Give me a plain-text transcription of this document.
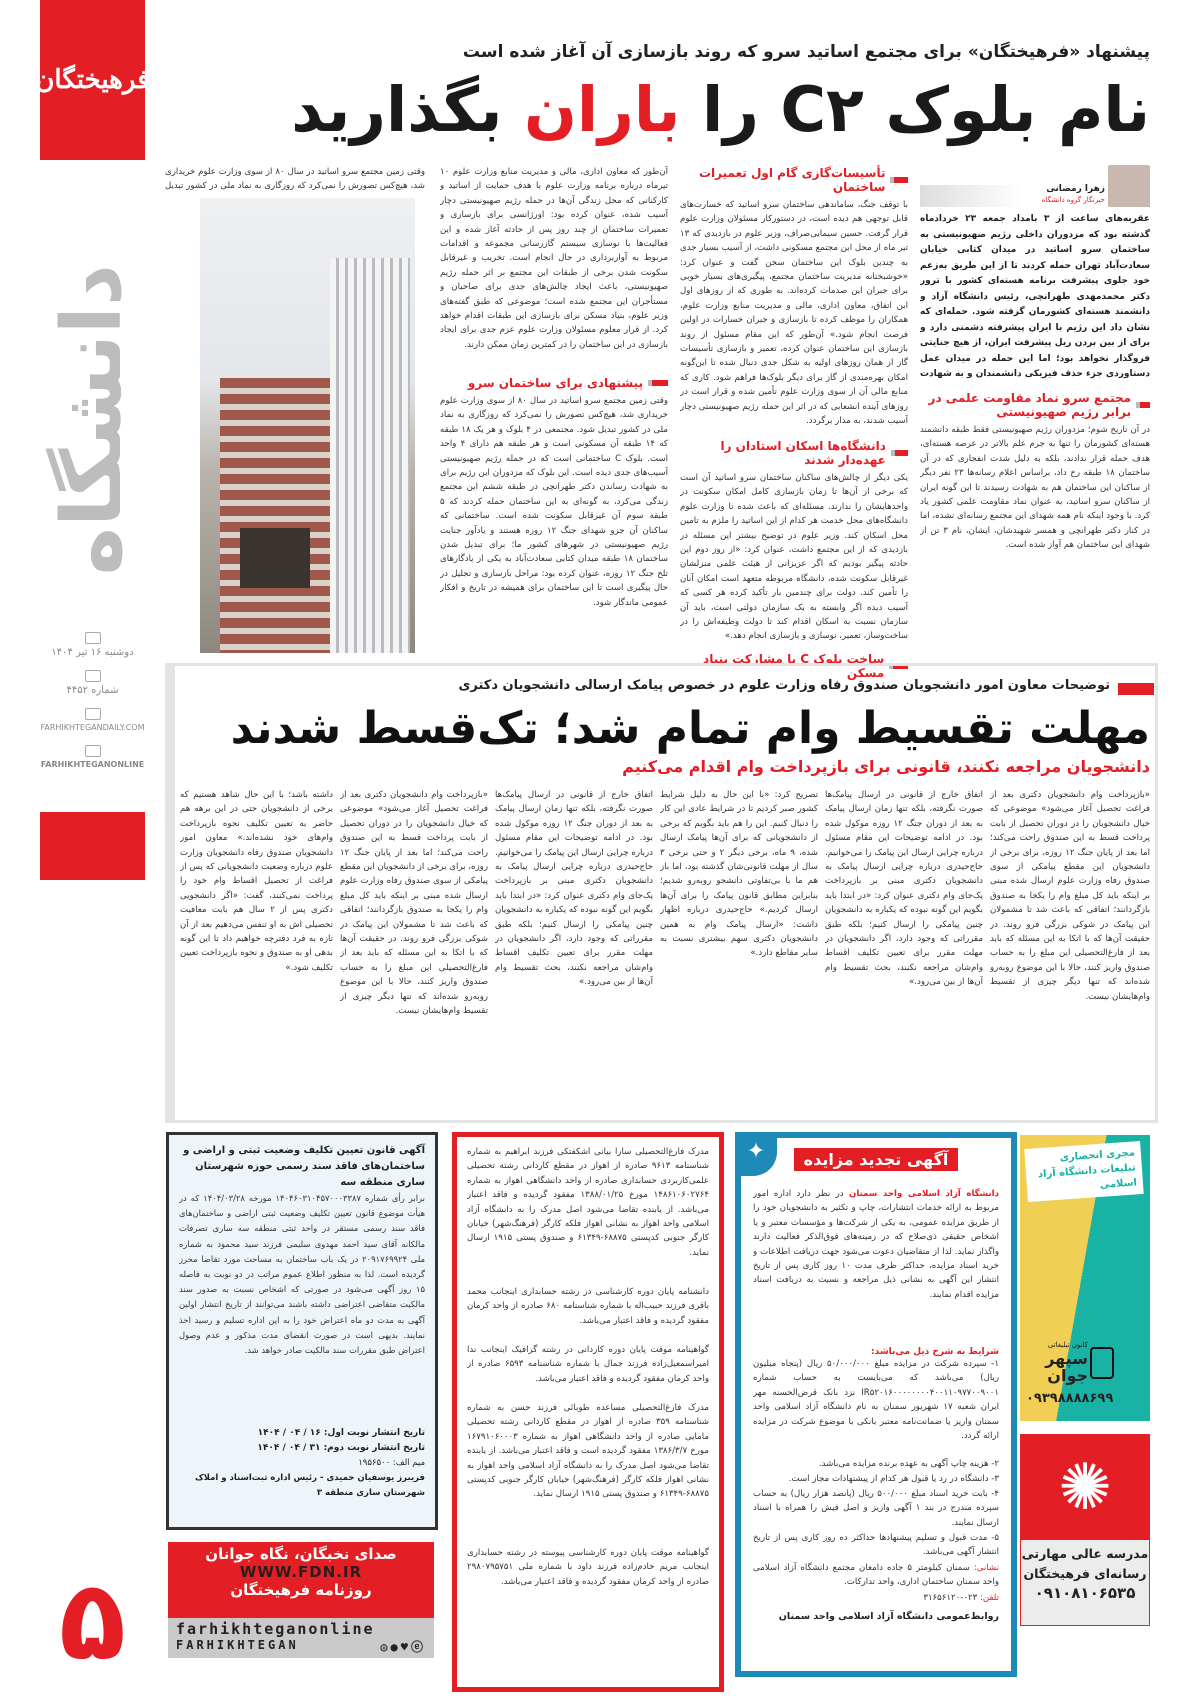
فرهیختگان
دانشگاه
دوشنبه ۱۶ تیر ۱۴۰۴
شماره ۴۴۵۲
FARHIKHTEGANDAILY.COM
FARHIKHTEGANONLINE
۵
پیشنهاد «فرهیختگان» برای مجتمع اساتید سرو که روند بازسازی آن آغاز شده است
نام بلوک C۲ را باران بگذارید
زهرا رمضانی
خبرنگار گروه دانشگاه
عقربه‌های ساعت از ۳ بامداد جمعه ۲۳ خردادماه گذشته بود که مزدوران داخلی رژیم صهیونیستی به ساختمان سرو اساتید در میدان کتابی خیابان سعادت‌آباد تهران حمله کردند تا از این طریق به‌زعم خود جلوی پیشرفت برنامه هسته‌ای کشور با ترور دکتر محمدمهدی طهرانچی، رئیس دانشگاه آزاد و دانشمند هسته‌ای کشورمان گرفته شود. حمله‌ای که نشان داد این رژیم با ایران پیشرفته دشمنی دارد و برای از بین بردن ریل پیشرفت ایران، از هیچ جنایتی فروگذار نخواهد بود؛ اما این حمله در میدان عمل دستاوردی جزء حذف فیزیکی دانشمندان و به شهادت
مجتمع سرو نماد مقاومت علمی در برابر رژیم صهیونیستی
در آن تاریخ شوم؛ مزدوران رژیم صهیونیستی فقط طبقه دانشمند هسته‌ای کشورمان را تنها به جرم علم بالاتر در عرصه هسته‌ای، هدف حمله قرار ندادند، بلکه به دلیل شدت انفجاری که در آن ساختمان ۱۸ طبقه رخ داد، براساس اعلام رسانه‌ها ۲۳ نفر دیگر از ساکنان این ساختمان هم به شهادت رسیدند تا این گونه ایران از ساکنان سرو اساتید، به عنوان نماد مقاومت علمی کشور یاد کرد. با وجود اینکه نام همه شهدای این مجتمع رسانه‌ای نشده، اما در کنار دکتر طهرانچی و همسر شهیدشان، ایشان، نام ۳ تن از شهدای این ساختمان هم آواز شده است.
تأسیسات‌گازی گام اول تعمیرات ساختمان
با توقف جنگ، ساماندهی ساختمان سرو اساتید که خسارت‌های قابل توجهی هم دیده است، در دستورکار مسئولان وزارت علوم قرار گرفت. حسین سیمایی‌صراف، وزیر علوم در بازدیدی که ۱۳ تیر ماه از محل این مجتمع مسکونی داشت، از آسیب بسیار جدی به چندین بلوک این ساختمان سخن گفت و عنوان کرد: «خوشبختانه مدیریت ساختمان مجتمع، پیگیری‌های بسیار خوبی برای جبران این صدمات کرده‌اند. به طوری که از روزهای اول این اتفاق، معاون اداری، مالی و مدیریت منابع وزارت علوم، همکاران را موظف کرده تا بازسازی و جبران خسارات در اولین فرصت انجام شود.» آن‌طور که این مقام مسئول از روند بازسازی این ساختمان عنوان کرده، تعمیر و بازسازی تأسیسات گاز از همان روزهای اولیه به شکل جدی دنبال شده تا این‌گونه امکان بهره‌مندی از گاز برای دیگر بلوک‌ها فراهم شود. کاری که منابع مالی آن از سوی وزارت علوم تأمین شده و قرار است در روزهای آینده انشعابی که در اثر این حمله رژیم صهیونیستی دچار آسیب شدند، به مدار برگردد.
دانشگاه‌ها اسکان استادان را عهده‌دار شدند
یکی دیگر از چالش‌های ساکنان ساختمان سرو اساتید آن است که برخی از آن‌ها تا زمان بازسازی کامل امکان سکونت در واحدهایشان را ندارند. مسئله‌ای که باعث شده تا وزارت علوم دانشگاه‌های محل خدمت هر کدام از این اساتید را ملزم به تامین محل اسکان کند. وزیر علوم در توضیح بیشتر این مسئله در بازدیدی که از این مجتمع داشت، عنوان کرد: «از روز دوم این حادثه پیگیر بودیم که اگر عزیزانی از هیئت علمی منزلشان غیرقابل سکونت شده، دانشگاه مربوطه متعهد است امکان آنان را تأمین کند. دولت برای چندمین بار تأکید کرده هر کسی که آسیب دیده اگر وابسته به یک سازمان دولتی است، باید آن سازمان نسبت به اسکان اقدام کند تا دولت وظیفه‌اش را در ساخت‌وساز، تعمیر، نوسازی و بازسازی انجام دهد.»
ساخت بلوک C با مشارکت بنیاد مسکن
آن‌طور که معاون اداری، مالی و مدیریت منابع وزارت علوم ۱۰ تیرماه درباره برنامه وزارت علوم با هدف حمایت از اساتید و کارکنانی که محل زندگی آن‌ها در حمله رژیم صهیونیستی دچار آسیب شده، عنوان کرده بود: اورژانسی برای بازسازی و تعمیرات ساختمان از چند روز پس از حادثه آغاز شده و این فعالیت‌ها با نوسازی سیستم گازرسانی مجموعه و اقدامات مربوط به آواربرداری در حال انجام است. تخریب و غیرقابل سکونت شدن برخی از طبقات این مجتمع بر اثر حمله رژیم صهیونیستی، باعث ایجاد چالش‌های جدی برای صاحبان و مستأجران این مجتمع شده است؛ موضوعی که طبق گفته‌های وزیر علوم، بنیاد مسکن برای بازسازی این طبقات اقدام خواهد کرد. از قرار معلوم مسئولان وزارت علوم عزم جدی برای ایجاد بازسازی در این ساختمان را در کمترین زمان ممکن دارند.
پیشنهادی برای ساختمان سرو
وقتی زمین مجتمع سرو اساتید در سال ۸۰ از سوی وزارت علوم خریداری شد، هیچ‌کس تصورش را نمی‌کرد که روزگاری به نماد ملی در کشور تبدیل شود. مجتمعی در ۴ بلوک و هر یک ۱۸ طبقه که ۱۴ طبقه آن مسکونی است و هر طبقه هم دارای ۴ واحد است. بلوک C ساختمانی است که در حمله رژیم صهیونیستی آسیب‌های جدی دیده است. این بلوک که مزدوران این رژیم برای به شهادت رساندن دکتر طهرانچی در طبقه ششم این مجتمع زندگی می‌کرد، به گونه‌ای به این ساختمان حمله کردند که ۵ طبقه سوم آن غیرقابل سکونت شده است. ساختمانی که ساکنان آن جزو شهدای جنگ ۱۲ روزه هستند و یادآور جنایت رژیم صهیونیستی در شهرهای کشور ما؛ برای تبدیل شدن ساختمان ۱۸ طبقه میدان کتابی سعادت‌آباد به یکی از یادگارهای تلخ جنگ ۱۲ روزه، عنوان کرده بود: مراحل بازسازی و تجلیل در حال پیگیری است تا این ساختمان برای همیشه در تاریخ و افکار عمومی ماندگار شود.
وقتی زمین مجتمع سرو اساتید در سال ۸۰ از سوی وزارت علوم خریداری شد، هیچ‌کس تصورش را نمی‌کرد که روزگاری به نماد ملی در کشور تبدیل
توضیحات معاون امور دانشجویان صندوق رفاه وزارت علوم در خصوص پیامک ارسالی دانشجویان دکتری
مهلت تقسیط وام تمام شد؛ تک‌قسط شدند
دانشجویان مراجعه نکنند، قانونی برای بازپرداخت وام اقدام می‌کنیم
«بازپرداخت وام دانشجویان دکتری بعد از فراغت تحصیل آغاز می‌شود» موضوعی که خیال دانشجویان را در دوران تحصیل از بابت پرداخت قسط به این صندوق راحت می‌کند؛ اما بعد از پایان جنگ ۱۲ روزه، برای برخی از دانشجویان این مقطع پیامکی از سوی صندوق رفاه وزارت علوم ارسال شده مبنی بر اینکه باید کل مبلغ وام را یکجا به صندوق بازگردانند؛ اتفاقی که باعث شد تا مشمولان این پیامک در شوکی بزرگی فرو روند. در حقیقت آن‌ها که با اتکا به این مسئله که باید بعد از فارغ‌التحصیلی این مبلغ را به حساب صندوق واریز کنند، حالا با این موضوع روبه‌رو شده‌اند که تنها دیگر چیزی از تقسیط وام‌هایشان نیست.
اتفاق خارج از قانونی در ارسال پیامک‌ها صورت نگرفته، بلکه تنها زمان ارسال پیامک به بعد از دوران جنگ ۱۲ روزه موکول شده بود. در ادامه توضیحات این مقام مسئول درباره چرایی ارسال این پیامک را می‌خوانیم. حاج‌حیدری درباره چرایی ارسال پیامک به دانشجویان دکتری مبنی بر بازپرداخت یک‌جای وام دکتری عنوان کرد: «در ابتدا باید بگویم این گونه نبوده که یکباره به دانشجویان چنین پیامکی را ارسال کنیم؛ بلکه طبق مقرراتی که وجود دارد، اگر دانشجویان در مهلت مقرر برای تعیین تکلیف اقساط وام‌شان مراجعه نکنند، بحث تقسیط وام آن‌ها از بین می‌رود.»
تصریح کرد: «با این حال به دلیل شرایط کشور صبر کردیم تا در شرایط عادی این کار را دنبال کنیم. این را هم باید بگویم که برخی از دانشجویانی که برای آن‌ها پیامک ارسال شده، ۹ ماه، برخی دیگر ۲ و حتی برخی ۳ سال از مهلت قانونی‌شان گذشته بود، اما باز هم ما با بی‌تفاوتی دانشجو روبه‌رو شدیم؛ بنابراین مطابق قانون پیامک را برای آن‌ها ارسال کردیم.» حاج‌حیدری درباره اظهار داشت: «ارسال پیامک وام به همین دانشجویان دکتری سهم بیشتری نسبت به سایر مقاطع دارد.»
اتفاق خارج از قانونی در ارسال پیامک‌ها صورت نگرفته، بلکه تنها زمان ارسال پیامک به بعد از دوران جنگ ۱۲ روزه موکول شده بود. در ادامه توضیحات این مقام مسئول درباره چرایی ارسال این پیامک را می‌خوانیم. حاج‌حیدری درباره چرایی ارسال پیامک به دانشجویان دکتری مبنی بر بازپرداخت یک‌جای وام دکتری عنوان کرد: «در ابتدا باید بگویم این گونه نبوده که یکباره به دانشجویان چنین پیامکی را ارسال کنیم؛ بلکه طبق مقرراتی که وجود دارد، اگر دانشجویان در مهلت مقرر برای تعیین تکلیف اقساط وام‌شان مراجعه نکنند، بحث تقسیط وام آن‌ها از بین می‌رود.»
«بازپرداخت وام دانشجویان دکتری بعد از فراغت تحصیل آغاز می‌شود» موضوعی که خیال دانشجویان را در دوران تحصیل از بابت پرداخت قسط به این صندوق راحت می‌کند؛ اما بعد از پایان جنگ ۱۲ روزه، برای برخی از دانشجویان این مقطع پیامکی از سوی صندوق رفاه وزارت علوم ارسال شده مبنی بر اینکه باید کل مبلغ وام را یکجا به صندوق بازگردانند؛ اتفاقی که باعث شد تا مشمولان این پیامک در شوکی بزرگی فرو روند. در حقیقت آن‌ها که با اتکا به این مسئله که باید بعد از فارغ‌التحصیلی این مبلغ را به حساب صندوق واریز کنند، حالا با این موضوع روبه‌رو شده‌اند که تنها دیگر چیزی از تقسیط وام‌هایشان نیست.
داشته باشد؛ با این حال شاهد هستیم که برخی از دانشجویان حتی در این برهه هم حاضر به تعیین تکلیف نحوه بازپرداخت وام‌های خود نشده‌اند.» معاون امور دانشجویان صندوق رفاه دانشجویان وزارت علوم درباره وضعیت دانشجویانی که پس از فراغت از تحصیل اقساط وام خود را پرداخت نمی‌کنند، گفت: «اگر دانشجویی دکتری پس از ۲ سال هم بابت معافیت تحصیلی اش به او تنفس می‌دهیم بعد از آن تازه به فرد دفترچه خواهیم داد تا این گونه بدهی او به صندوق و نحوه بازپرداخت تعیین تکلیف شود.»
آگهی قانون تعیین تکلیف وضعیت ثبتی و اراضی و ساختمان‌های فاقد سند رسمی حوزه شهرستان ساری منطقه سه
برابر رأی شماره ۱۴۰۴۶۰۳۱۰۴۵۷۰۰۰۳۳۸۷ مورخه ۱۴۰۴/۰۳/۲۸ که در هیأت موضوع قانون تعیین تکلیف وضعیت ثبتی اراضی و ساختمان‌های فاقد سند رسمی مستقر در واحد ثبتی منطقه سه ساری تصرفات مالکانه آقای سید احمد مهدوی سلیمی فرزند سید محمود به شماره ملی ۲۰۹۱۷۶۹۹۲۴ در یک باب ساختمان به مساحت مورد تقاضا محرز گردیده است. لذا به منظور اطلاع عموم مراتب در دو نوبت به فاصله ۱۵ روز آگهی می‌شود در صورتی که اشخاص نسبت به صدور سند مالکیت متقاضی اعتراضی داشته باشند می‌توانند از تاریخ انتشار اولین آگهی به مدت دو ماه اعتراض خود را به این اداره تسلیم و رسید اخذ نمایند. بدیهی است در صورت انقضای مدت مذکور و عدم وصول اعتراض طبق مقررات سند مالکیت صادر خواهد شد.
تاریخ انتشار نوبت اول: ۱۶ / ۰۴ / ۱۴۰۴
تاریخ انتشار نوبت دوم: ۳۱ / ۰۴ / ۱۴۰۴
میم الف: ۱۹۵۶۵۰۰
فریبرز یوسفیان حمیدی - رئیس اداره ثبت‌اسناد و املاک شهرستان ساری منطقه ۳
صدای نخبگان، نگاه جوانان
WWW.FDN.IR
روزنامه فرهیختگان
farhikhteganonline
FARHIKHTEGAN	◎●♥ⓔ
مدرک فارغ‌التحصیلی سارا بیانی اشکفتکی فرزند ابراهیم به شماره شناسنامه ۹۶۱۳ صادره از اهواز در مقطع کاردانی رشته تحصیلی علمی‌کاربردی حسابداری صادره از واحد دانشگاهی اهواز به شماره ۱۴۸۶۱۰۶۰۲۷۶۴ مورخ ۱۳۸۸/۰۱/۲۵ مفقود گردیده و فاقد اعتبار می‌باشد. از یابنده تقاضا می‌شود اصل مدرک را به دانشگاه آزاد اسلامی واحد اهواز به نشانی اهواز فلکه کارگر (فرهنگ‌شهر) خیابان کارگر جنوبی کدپستی ۶۸۸۷۵-۶۱۳۴۹ و صندوق پستی ۱۹۱۵ ارسال نماید.
دانشنامه پایان دوره کارشناسی در رشته حسابداری اینجانب محمد باقری فرزند حبیب‌اله با شماره شناسنامه ۶۸۰ صادره از واحد کرمان مفقود گردیده و فاقد اعتبار می‌باشد.
گواهینامه موقت پایان دوره کاردانی در رشته گرافیک اینجانب ندا امیراسمعیل‌زاده فرزند جمال با شماره شناسنامه ۶۵۹۳ صادره از واحد کرمان مفقود گردیده و فاقد اعتبار می‌باشد.
مدرک فارغ‌التحصیلی مساعده طوبائی فرزند حسن به شماره شناسنامه ۳۵۹ صادره از اهواز در مقطع کاردانی رشته تحصیلی مامایی صادره از واحد دانشگاهی اهواز به شماره ۱۶۷۹۱۰۶۰۰۰۳ مورخ ۱۳۸۶/۳/۷ مفقود گردیده است و فاقد اعتبار می‌باشد. از یابنده تقاضا می‌شود اصل مدرک را به دانشگاه آزاد اسلامی واحد اهواز به نشانی اهواز فلکه کارگر (فرهنگ‌شهر) خیابان کارگر جنوبی کدپستی ۶۸۸۷۵-۶۱۳۴۹ و صندوق پستی ۱۹۱۵ ارسال نماید.
گواهینامه موقت پایان دوره کارشناسی پیوسته در رشته حسابداری اینجانب مریم خادم‌زاده فرزند داود با شماره ملی ۲۹۸۰۷۹۵۷۵۱ صادره از واحد کرمان مفقود گردیده و فاقد اعتبار می‌باشد.
✦	آگهی تجدید مزایده
دانشگاه آزاد اسلامی واحد سمنان در نظر دارد اداره امور مربوط به ارائه خدمات انتشارات، چاپ و تکثیر به دانشجویان خود را از طریق مزایده عمومی، به یکی از شرکت‌ها و مؤسسات معتبر و یا اشخاص حقیقی ذی‌صلاح که در زمینه‌های فوق‌الذکر فعالیت دارند واگذار نماید. لذا از متقاضیان دعوت می‌شود جهت دریافت اطلاعات و خرید اسناد مزایده، حداکثر ظرف مدت ۱۰ روز کاری پس از تاریخ انتشار این آگهی به نشانی ذیل مراجعه و نسبت به دریافت اسناد مزایده اقدام نمایند.
شرایط به شرح ذیل می‌باشد:
۱- سپرده شرکت در مزایده مبلغ ۵۰/۰۰۰/۰۰۰ ریال (پنجاه میلیون ریال) می‌باشد که می‌بایست به حساب شماره IR۵۲۰۱۶۰۰۰۰۰۰۰۰۴۰۰۱۱۰۹۷۷۰۰۹۰۰۱ نزد بانک قرض‌الحسنه مهر ایران شعبه ۱۷ شهریور سمنان به نام دانشگاه آزاد اسلامی واحد سمنان واریز یا ضمانت‌نامه معتبر بانکی با موضوع شرکت در مزایده ارائه گردد.
۲- هزینه چاپ آگهی به عهده برنده مزایده می‌باشد.
۳- دانشگاه در رد یا قبول هر کدام از پیشنهادات مجاز است.
۴- بابت خرید اسناد مبلغ ۵۰۰/۰۰۰ ریال (پانصد هزار ریال) به حساب سپرده مندرج در بند ۱ آگهی واریز و اصل فیش را همراه با اسناد ارسال نمایند.
۵- مدت قبول و تسلیم پیشنهادها حداکثر ده روز کاری پس از تاریخ انتشار آگهی می‌باشد.
نشانی: سمنان کیلومتر ۵ جاده دامغان مجتمع دانشگاه آزاد اسلامی واحد سمنان ساختمان اداری، واحد تدارکات.
تلفن: ۰۲۳-۳۱۶۵۶۱۲۰
روابط‌عمومی دانشگاه آزاد اسلامی واحد سمنان
مجری انحصاری تبلیغات دانشگاه آزاد اسلامی
کانون تبلیغاتی
سپهر
جوان
۰۹۳۹۸۸۸۸۶۹۹
✺
مدرسه عالی مهارتی
رسانه‌ای فرهیختگان
۰۹۱۰۸۱۰۶۵۳۵
